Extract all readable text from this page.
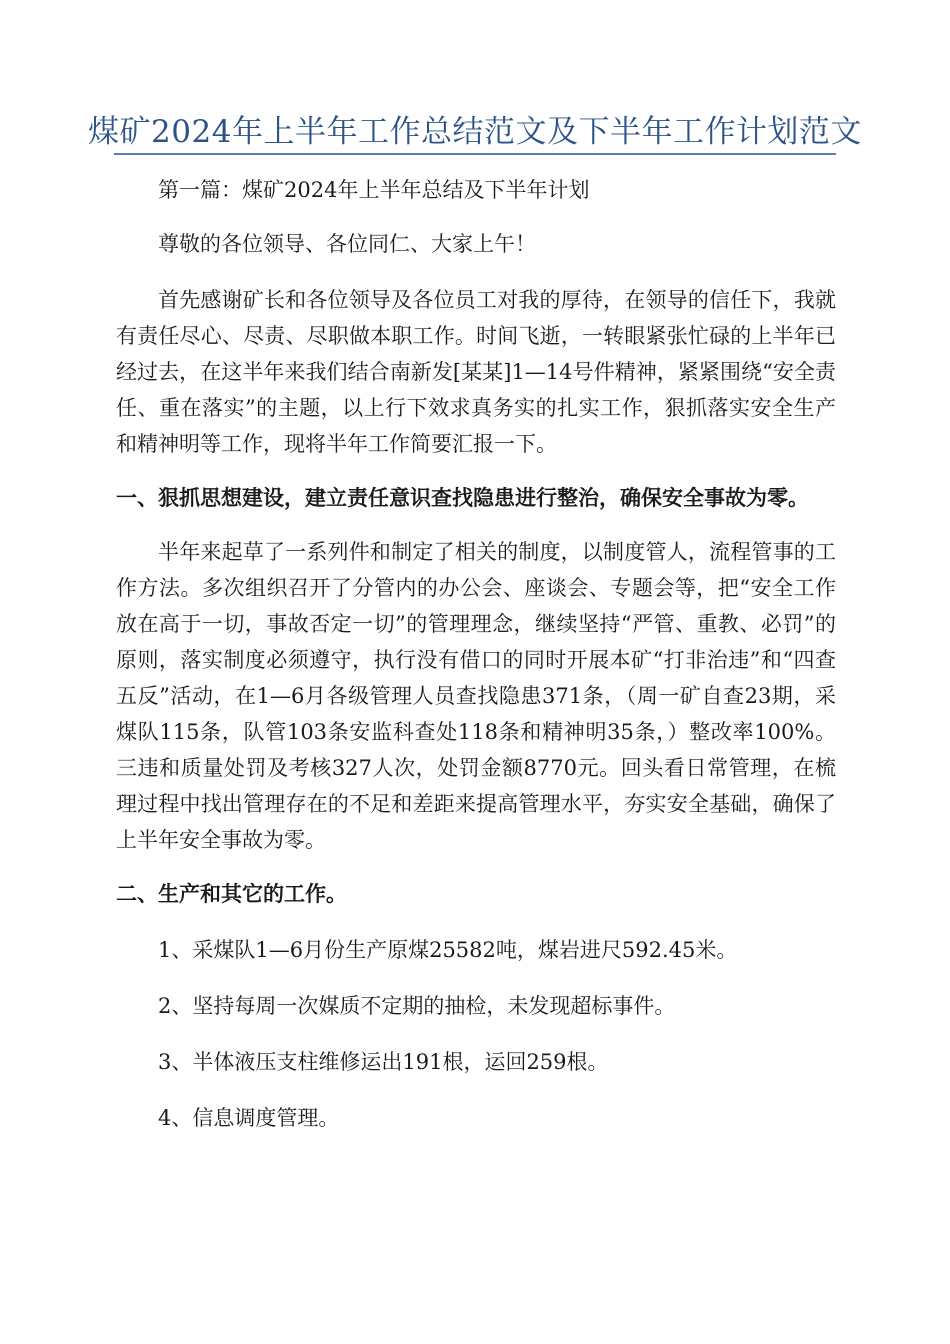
煤矿2024年上半年工作总结范文及下半年工作计划范文

第一篇：煤矿2024年上半年总结及下半年计划

尊敬的各位领导、各位同仁、大家上午！

首先感谢矿长和各位领导及各位员工对我的厚待，在领导的信任下，我就有责任尽心、尽责、尽职做本职工作。时间飞逝，一转眼紧张忙碌的上半年已经过去，在这半年来我们结合南新发[某某]1—14号件精神，紧紧围绕“安全责任、重在落实”的主题，以上行下效求真务实的扎实工作，狠抓落实安全生产和精神明等工作，现将半年工作简要汇报一下。

一、狠抓思想建设，建立责任意识查找隐患进行整治，确保安全事故为零。

半年来起草了一系列件和制定了相关的制度，以制度管人，流程管事的工作方法。多次组织召开了分管内的办公会、座谈会、专题会等，把“安全工作放在高于一切，事故否定一切”的管理理念，继续坚持“严管、重教、必罚”的原则，落实制度必须遵守，执行没有借口的同时开展本矿“打非治违”和“四查五反”活动，在1—6月各级管理人员查找隐患371条，（周一矿自查23期，采煤队115条，队管103条安监科查处118条和精神明35条，）整改率100%。三违和质量处罚及考核327人次，处罚金额8770元。回头看日常管理，在梳理过程中找出管理存在的不足和差距来提高管理水平，夯实安全基础，确保了上半年安全事故为零。

二、生产和其它的工作。

1、采煤队1—6月份生产原煤25582吨，煤岩进尺592.45米。

2、坚持每周一次媒质不定期的抽检，未发现超标事件。

3、半体液压支柱维修运出191根，运回259根。

4、信息调度管理。
